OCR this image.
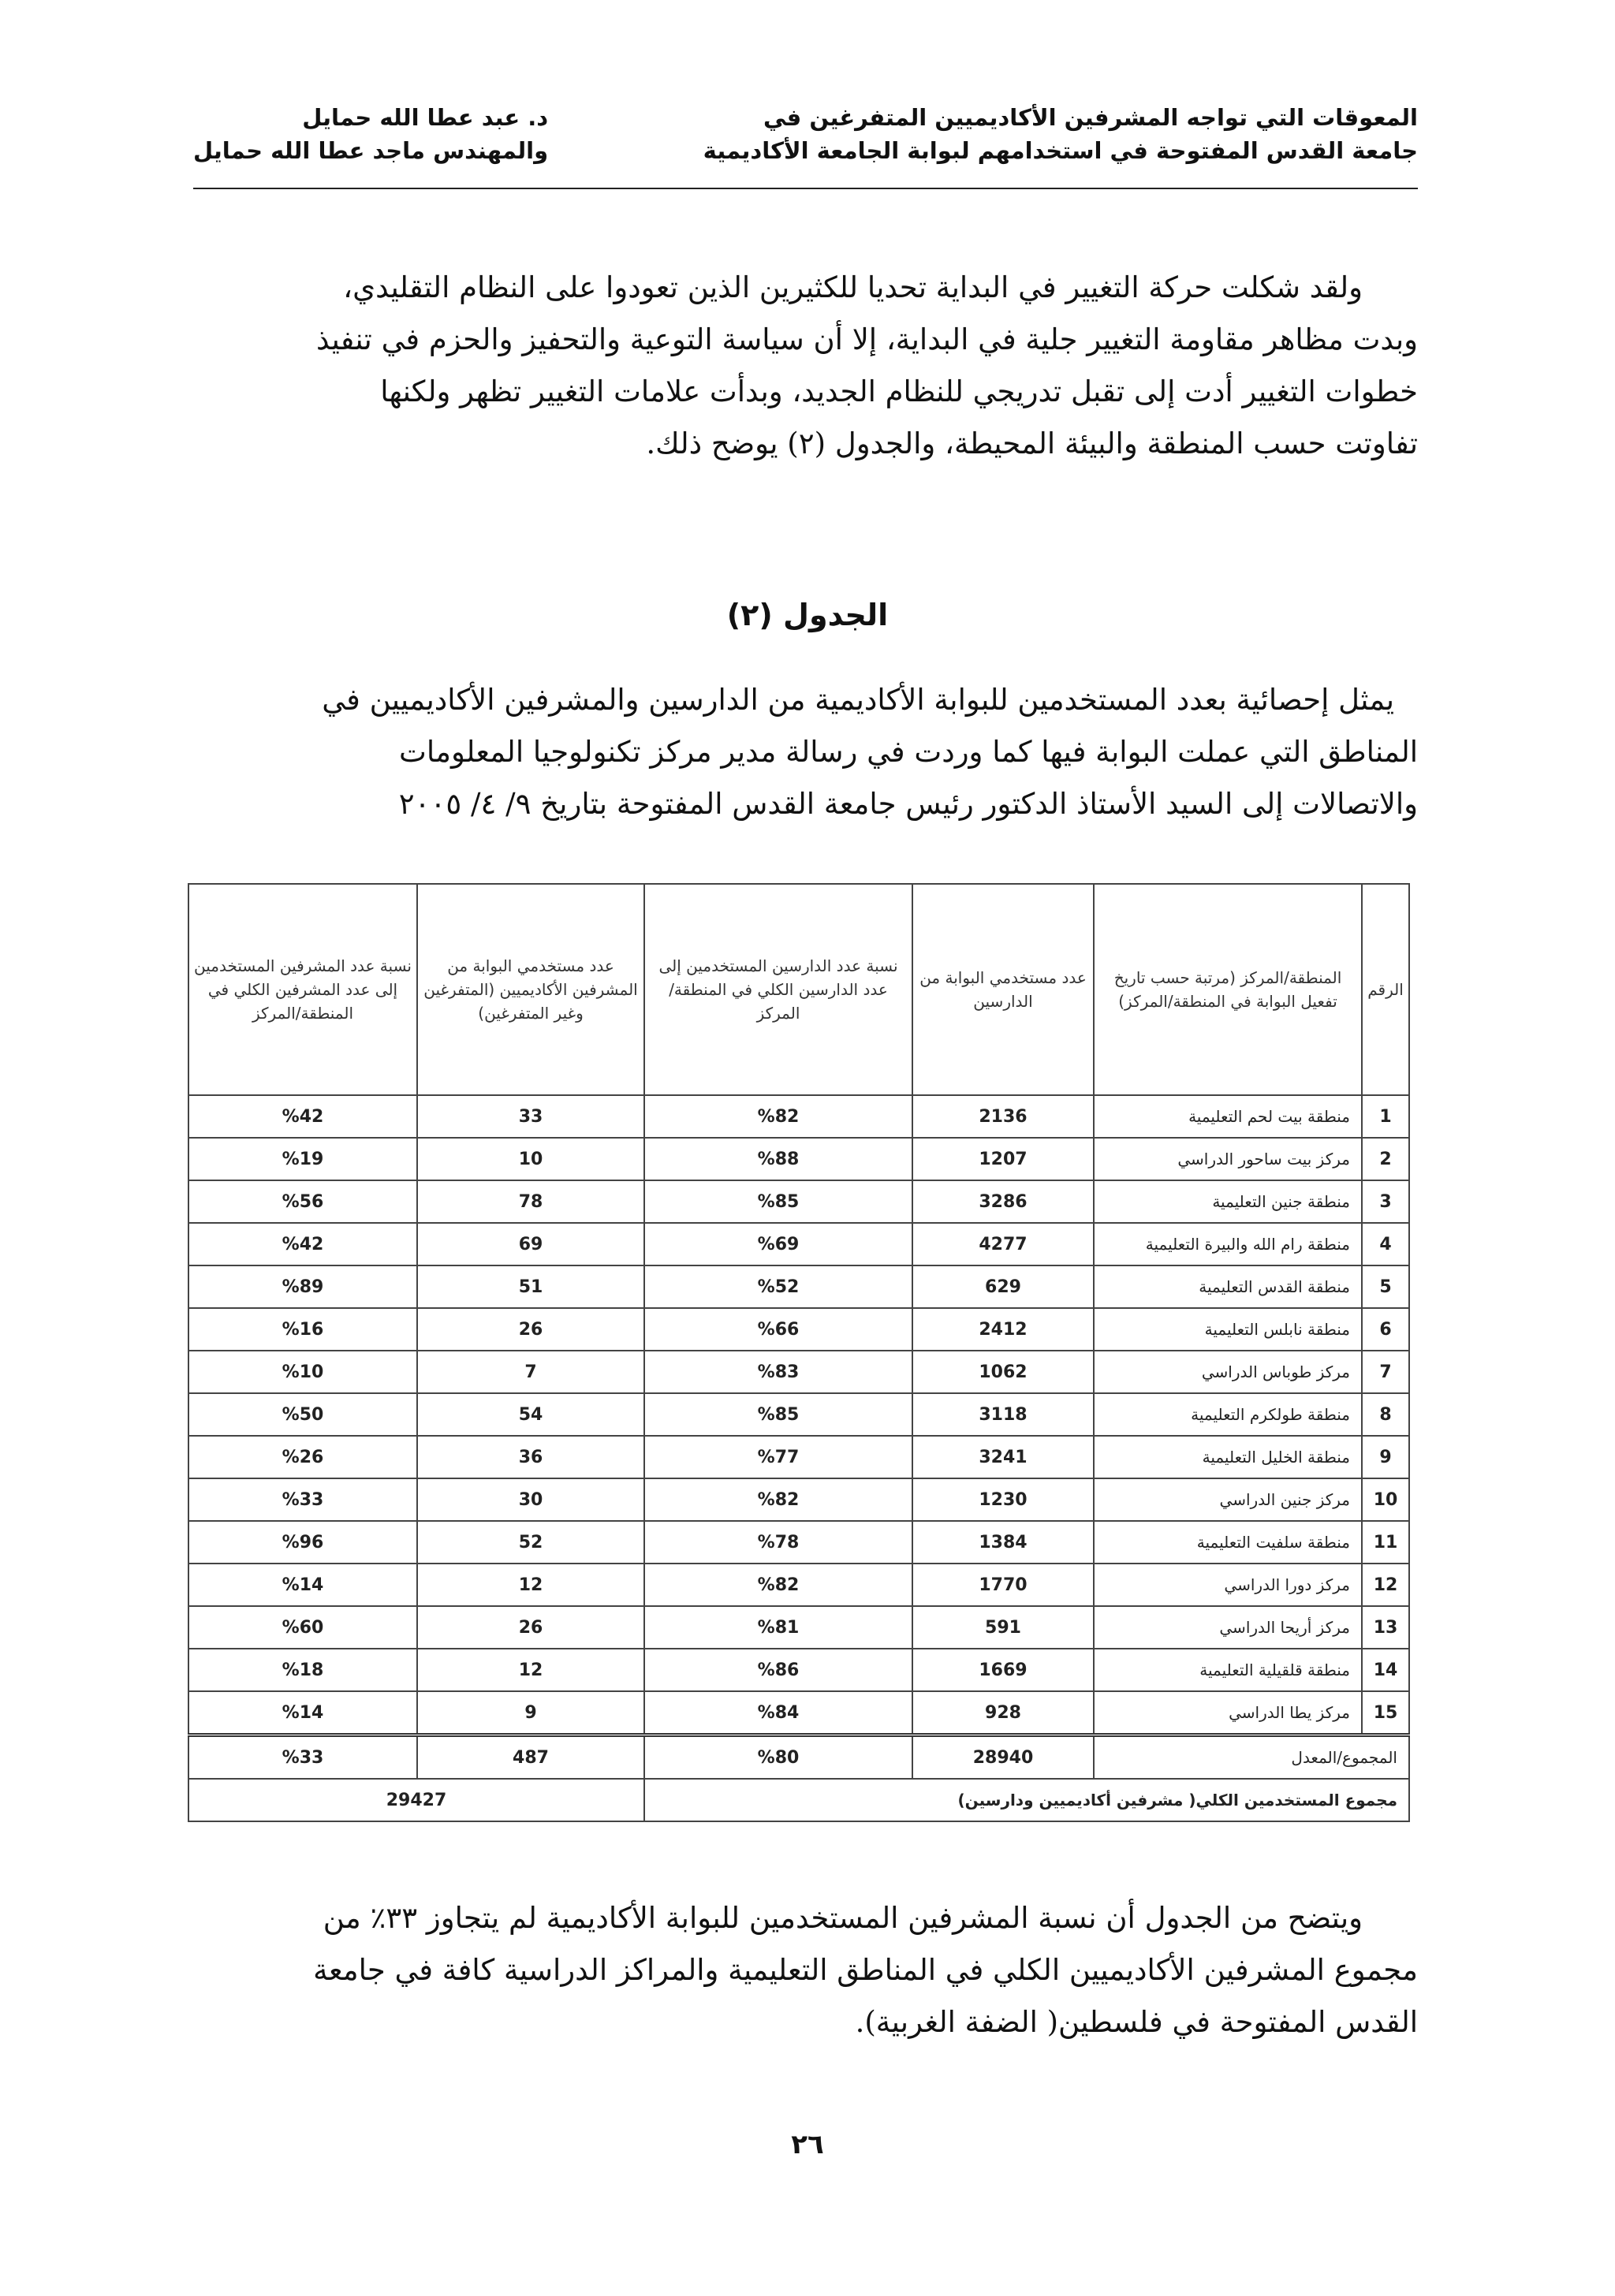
المعوقات التي تواجه المشرفين الأكاديميين المتفرغين في
جامعة القدس المفتوحة في استخدامهم لبوابة الجامعة الأكاديمية
د. عبد عطا الله حمايل
والمهندس ماجد عطا الله حمايل
ولقد شكلت حركة التغيير في البداية تحديا للكثيرين الذين تعودوا على النظام التقليدي،
وبدت مظاهر مقاومة التغيير جلية في البداية، إلا أن سياسة التوعية والتحفيز والحزم في تنفيذ
خطوات التغيير أدت إلى تقبل تدريجي للنظام الجديد، وبدأت علامات التغيير تظهر ولكنها
تفاوتت حسب المنطقة والبيئة المحيطة، والجدول (٢) يوضح ذلك.
الجدول (٢)
يمثل إحصائية بعدد المستخدمين للبوابة الأكاديمية من الدارسين والمشرفين الأكاديميين في
المناطق التي عملت البوابة فيها كما وردت في رسالة مدير مركز تكنولوجيا المعلومات
والاتصالات إلى السيد الأستاذ الدكتور رئيس جامعة القدس المفتوحة بتاريخ ٩/ ٤/ ٢٠٠٥
الرقم	المنطقة/المركز (مرتبة حسب تاريخ تفعيل البوابة في المنطقة/المركز)	عدد مستخدمي البوابة من الدارسين	نسبة عدد الدارسين المستخدمين إلى عدد الدارسين الكلي في المنطقة/المركز	عدد مستخدمي البوابة من المشرفين الأكاديميين (المتفرغين وغير المتفرغين)	نسبة عدد المشرفين المستخدمين إلى عدد المشرفين الكلي في المنطقة/المركز
1	منطقة بيت لحم التعليمية	2136	%82	33	%42
2	مركز بيت ساحور الدراسي	1207	%88	10	%19
3	منطقة جنين التعليمية	3286	%85	78	%56
4	منطقة رام الله والبيرة التعليمية	4277	%69	69	%42
5	منطقة القدس التعليمية	629	%52	51	%89
6	منطقة نابلس التعليمية	2412	%66	26	%16
7	مركز طوباس الدراسي	1062	%83	7	%10
8	منطقة طولكرم التعليمية	3118	%85	54	%50
9	منطقة الخليل التعليمية	3241	%77	36	%26
10	مركز جنين الدراسي	1230	%82	30	%33
11	منطقة سلفيت التعليمية	1384	%78	52	%96
12	مركز دورا الدراسي	1770	%82	12	%14
13	مركز أريحا الدراسي	591	%81	26	%60
14	منطقة قلقيلية التعليمية	1669	%86	12	%18
15	مركز يطا الدراسي	928	%84	9	%14
المجموع/المعدل		28940	%80	487	%33
مجموع المستخدمين الكلي( مشرفين أكاديميين ودارسين)				29427	
ويتضح من الجدول أن نسبة المشرفين المستخدمين للبوابة الأكاديمية لم يتجاوز ٣٣٪ من
مجموع المشرفين الأكاديميين الكلي في المناطق التعليمية والمراكز الدراسية كافة في جامعة
القدس المفتوحة في فلسطين( الضفة الغربية).
٢٦
